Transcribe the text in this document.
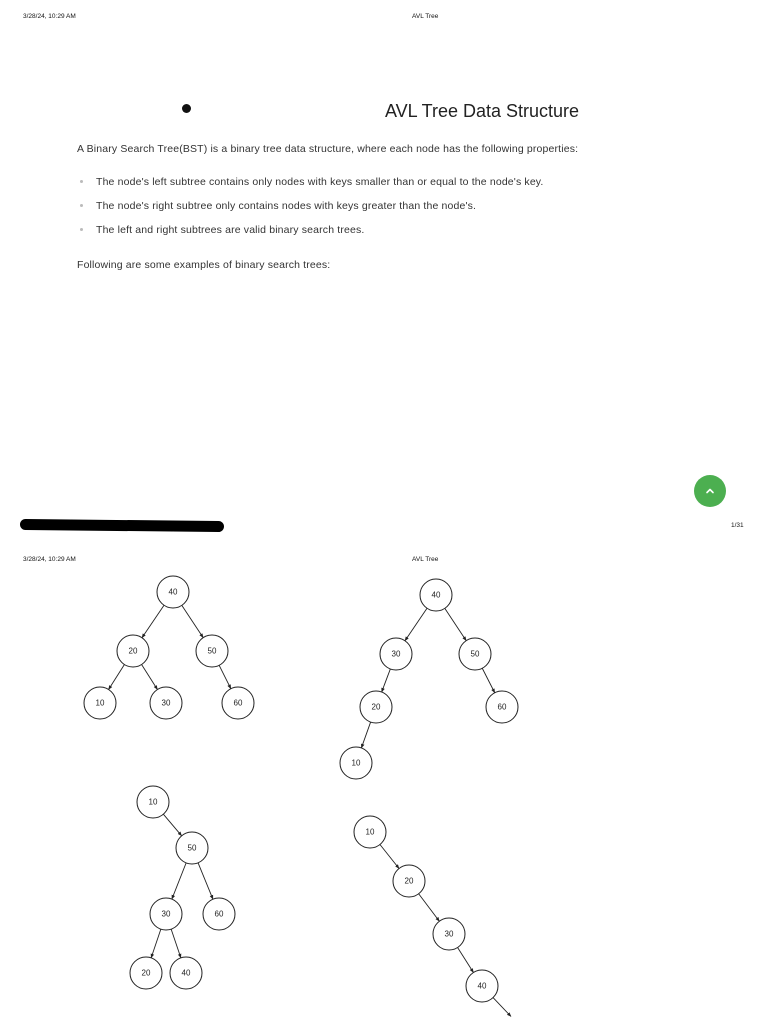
3/28/24, 10:29 AM	AVL Tree
AVL Tree Data Structure
A Binary Search Tree(BST) is a binary tree data structure, where each node has the following properties:
The node's left subtree contains only nodes with keys smaller than or equal to the node's key.
The node's right subtree only contains nodes with keys greater than the node's.
The left and right subtrees are valid binary search trees.
Following are some examples of binary search trees:
1/31
3/28/24, 10:29 AM	AVL Tree
40
20	50
10	30	60
40
30	50
20	60
10
10
50
30	60
20	40
10
20
30
40
